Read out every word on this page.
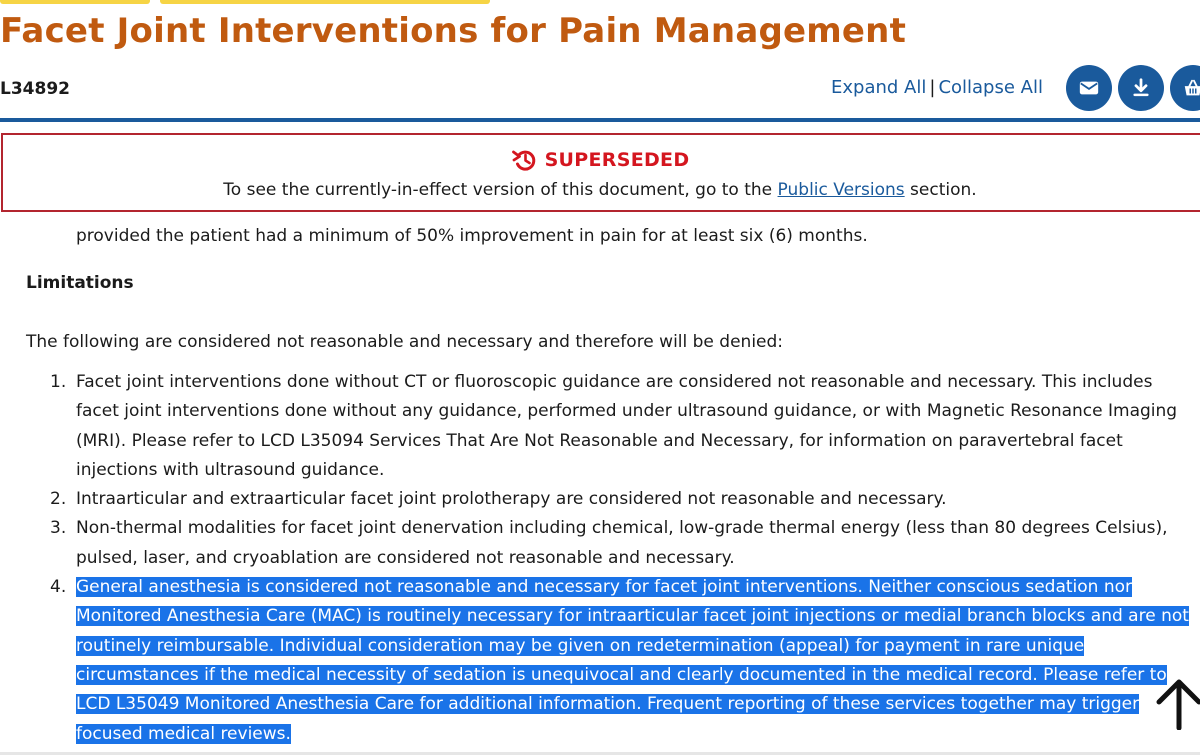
Facet Joint Interventions for Pain Management
L34892	Expand All | Collapse All
SUPERSEDED
To see the currently-in-effect version of this document, go to the Public Versions section.
provided the patient had a minimum of 50% improvement in pain for at least six (6) months.
Limitations
The following are considered not reasonable and necessary and therefore will be denied:
1. Facet joint interventions done without CT or fluoroscopic guidance are considered not reasonable and necessary. This includes facet joint interventions done without any guidance, performed under ultrasound guidance, or with Magnetic Resonance Imaging (MRI). Please refer to LCD L35094 Services That Are Not Reasonable and Necessary, for information on paravertebral facet injections with ultrasound guidance.
2. Intraarticular and extraarticular facet joint prolotherapy are considered not reasonable and necessary.
3. Non-thermal modalities for facet joint denervation including chemical, low-grade thermal energy (less than 80 degrees Celsius), pulsed, laser, and cryoablation are considered not reasonable and necessary.
4. General anesthesia is considered not reasonable and necessary for facet joint interventions. Neither conscious sedation nor Monitored Anesthesia Care (MAC) is routinely necessary for intraarticular facet joint injections or medial branch blocks and are not routinely reimbursable. Individual consideration may be given on redetermination (appeal) for payment in rare unique circumstances if the medical necessity of sedation is unequivocal and clearly documented in the medical record. Please refer to LCD L35049 Monitored Anesthesia Care for additional information. Frequent reporting of these services together may trigger focused medical reviews.
